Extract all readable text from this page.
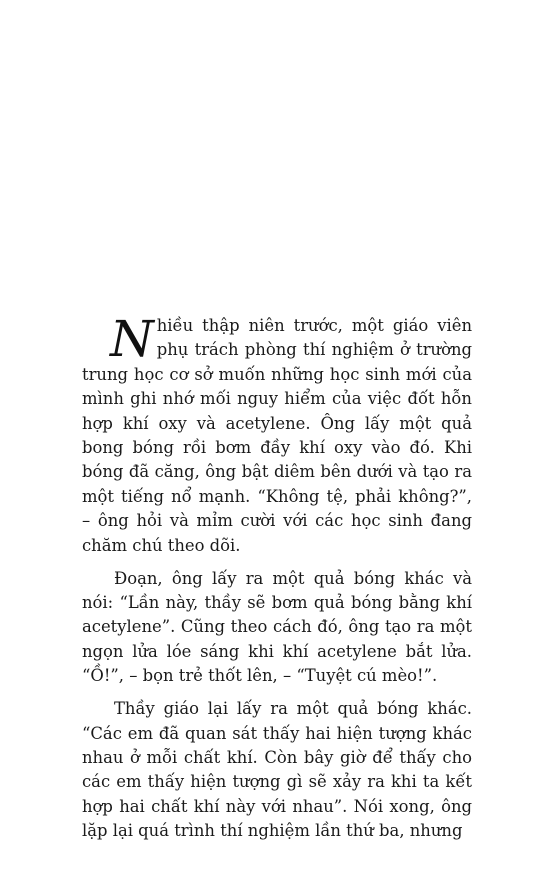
Nhiều thập niên trước, một giáo viên phụ trách phòng thí nghiệm ở trường trung học cơ sở muốn những học sinh mới của mình ghi nhớ mối nguy hiểm của việc đốt hỗn hợp khí oxy và acetylene. Ông lấy một quả bong bóng rồi bơm đầy khí oxy vào đó. Khi bóng đã căng, ông bật diêm bên dưới và tạo ra một tiếng nổ mạnh. “Không tệ, phải không?”, – ông hỏi và mỉm cười với các học sinh đang chăm chú theo dõi.

Đoạn, ông lấy ra một quả bóng khác và nói: “Lần này, thầy sẽ bơm quả bóng bằng khí acetylene”. Cũng theo cách đó, ông tạo ra một ngọn lửa lóe sáng khi khí acetylene bắt lửa. “Ồ!”, – bọn trẻ thốt lên, – “Tuyệt cú mèo!”.

Thầy giáo lại lấy ra một quả bóng khác. “Các em đã quan sát thấy hai hiện tượng khác nhau ở mỗi chất khí. Còn bây giờ để thấy cho các em thấy hiện tượng gì sẽ xảy ra khi ta kết hợp hai chất khí này với nhau”. Nói xong, ông lặp lại quá trình thí nghiệm lần thứ ba, nhưng
